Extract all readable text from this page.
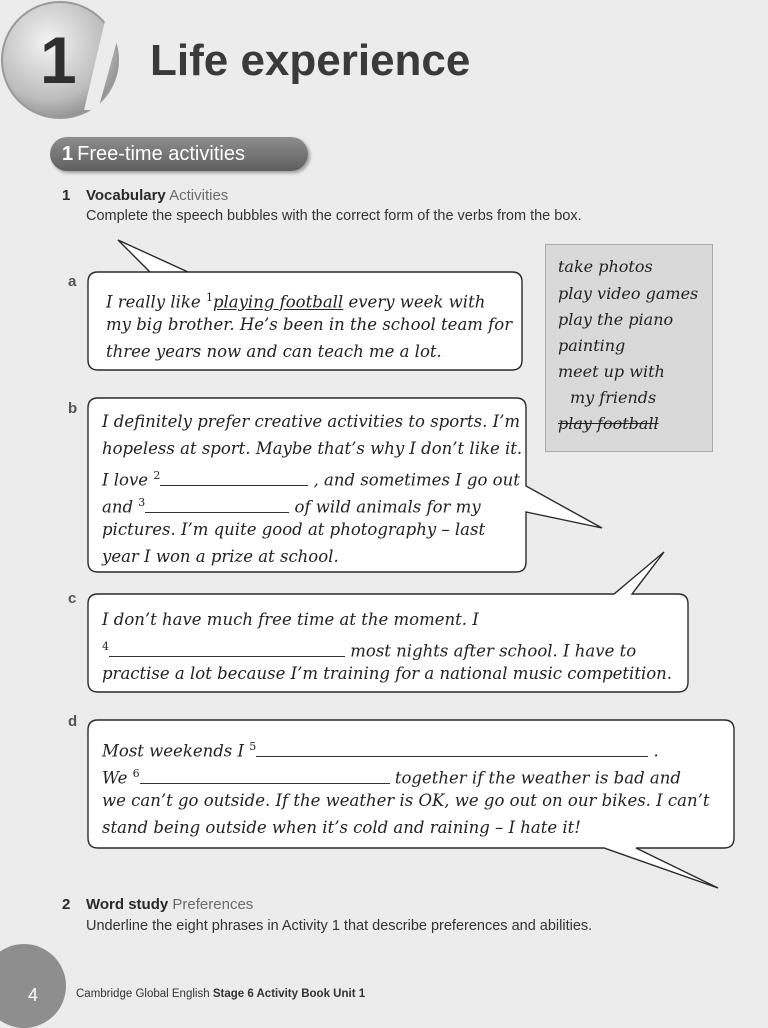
1 Life experience
1 Free-time activities
1 Vocabulary Activities
Complete the speech bubbles with the correct form of the verbs from the box.
take photos
play video games
play the piano
painting
meet up with
my friends
play football
a
b
c
d
I really like $^1$playing football every week with
my big brother. He’s been in the school team for
three years now and can teach me a lot.
I definitely prefer creative activities to sports. I’m
hopeless at sport. Maybe that’s why I don’t like it.
I love $^2$	, and sometimes I go out
and $^3$	of wild animals for my
pictures. I’m quite good at photography – last
year I won a prize at school.
I don’t have much free time at the moment. I
$^4$	most nights after school. I have to
practise a lot because I’m training for a national music competition.
Most weekends I $^5$	.
We $^6$	together if the weather is bad and
we can’t go outside. If the weather is OK, we go out on our bikes. I can’t
stand being outside when it’s cold and raining – I hate it!
2 Word study Preferences
Underline the eight phrases in Activity 1 that describe preferences and abilities.
4	Cambridge Global English Stage 6 Activity Book Unit 1
